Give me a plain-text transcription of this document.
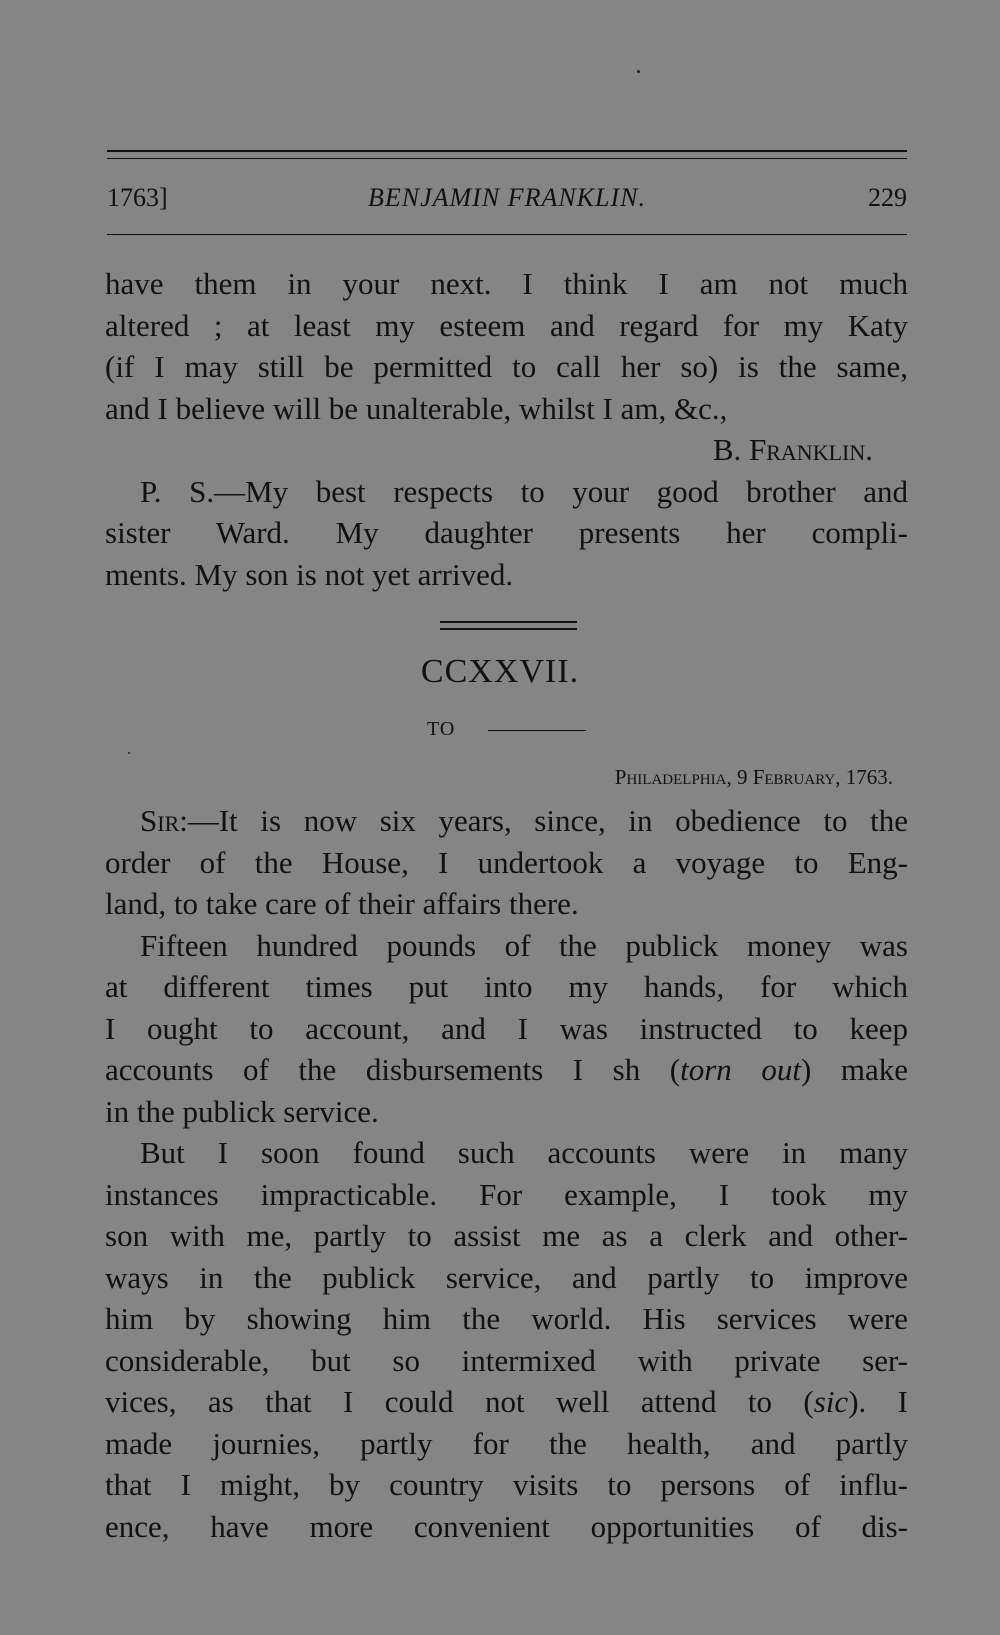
1763]	BENJAMIN FRANKLIN.	229
have them in your next. I think I am not much
altered ; at least my esteem and regard for my Katy
(if I may still be permitted to call her so) is the same,
and I believe will be unalterable, whilst I am, &c.,
B. Franklin.
P. S.—My best respects to your good brother and
sister Ward. My daughter presents her compli-
ments. My son is not yet arrived.
CCXXVII.
TO
Philadelphia, 9 February, 1763.
Sir:—It is now six years, since, in obedience to the
order of the House, I undertook a voyage to Eng-
land, to take care of their affairs there.
Fifteen hundred pounds of the publick money was
at different times put into my hands, for which
I ought to account, and I was instructed to keep
accounts of the disbursements I sh (torn out) make
in the publick service.
But I soon found such accounts were in many
instances impracticable. For example, I took my
son with me, partly to assist me as a clerk and other-
ways in the publick service, and partly to improve
him by showing him the world. His services were
considerable, but so intermixed with private ser-
vices, as that I could not well attend to (sic). I
made journies, partly for the health, and partly
that I might, by country visits to persons of influ-
ence, have more convenient opportunities of dis-
